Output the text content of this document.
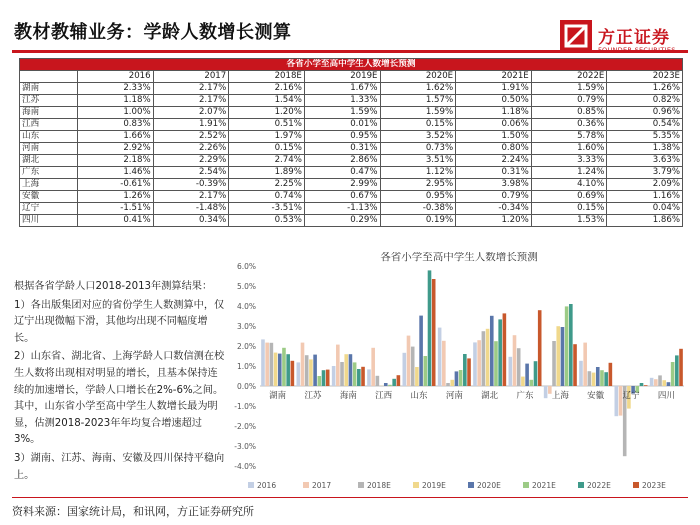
教材教辅业务：学龄人数增长测算	方正证券
各省小学至高中学生人数增长预测								
	2016	2017	2018E	2019E	2020E	2021E	2022E	2023E
湖南	2.33%	2.17%	2.16%	1.67%	1.62%	1.91%	1.59%	1.26%
江苏	1.18%	2.17%	1.54%	1.33%	1.57%	0.50%	0.79%	0.82%
海南	1.00%	2.07%	1.20%	1.59%	1.59%	1.18%	0.85%	0.96%
江西	0.83%	1.91%	0.51%	0.01%	0.15%	0.06%	0.36%	0.54%
山东	1.66%	2.52%	1.97%	0.95%	3.52%	1.50%	5.78%	5.35%
河南	2.92%	2.26%	0.15%	0.31%	0.73%	0.80%	1.60%	1.38%
湖北	2.18%	2.29%	2.74%	2.86%	3.51%	2.24%	3.33%	3.63%
广东	1.46%	2.54%	1.89%	0.47%	1.12%	0.31%	1.24%	3.79%
上海	-0.61%	-0.39%	2.25%	2.99%	2.95%	3.98%	4.10%	2.09%
安徽	1.26%	2.17%	0.74%	0.67%	0.95%	0.79%	0.69%	1.16%
辽宁	-1.51%	-1.48%	-3.51%	-1.13%	-0.38%	-0.34%	0.15%	0.04%
四川	0.41%	0.34%	0.53%	0.29%	0.19%	1.20%	1.53%	1.86%

根据各省学龄人口2018-2013年测算结果：

1）各出版集团对应的省份学生人数测算中，仅辽宁出现微幅下滑，其他均出现不同幅度增长。

2）山东省、湖北省、上海学龄人口数信测在校生人数将出现相对明显的增长，且基本保持连续的加速增长，学龄人口增长在2%-6%之间。其中，山东省小学至高中学生人数增长最为明显，估测2018-2023年年均复合增速超过3%。

3）湖南、江苏、海南、安徽及四川保持平稳向上。

各省小学至高中学生人数增长预测
-4.0%
-3.0%
-2.0%
-1.0%
0.0%
1.0%
2.0%
3.0%
4.0%
5.0%
6.0%
湖南 江苏 海南 江西 山东 河南 湖北 广东 上海 安徽 辽宁 四川
2016	2017	2018E	2019E	2020E	2021E	2022E	2023E
资料来源：国家统计局，和讯网，方正证券研究所
